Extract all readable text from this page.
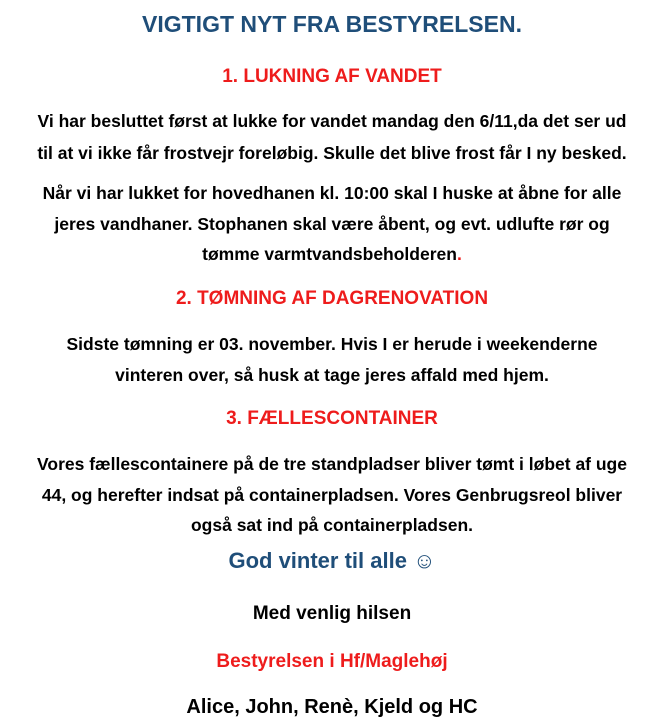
VIGTIGT NYT FRA BESTYRELSEN.
1. LUKNING AF VANDET
Vi har besluttet først at lukke for vandet mandag den 6/11,da det ser ud
til at vi ikke får frostvejr foreløbig. Skulle det blive frost får I ny besked.
Når vi har lukket for hovedhanen kl. 10:00 skal I huske at åbne for alle
jeres vandhaner. Stophanen skal være åbent, og evt. udlufte rør og
tømme varmtvandsbeholderen.
2. TØMNING AF DAGRENOVATION
Sidste tømning er 03. november. Hvis I er herude i weekenderne
vinteren over, så husk at tage jeres affald med hjem.
3. FÆLLESCONTAINER
Vores fællescontainere på de tre standpladser bliver tømt i løbet af uge
44, og herefter indsat på containerpladsen. Vores Genbrugsreol bliver
også sat ind på containerpladsen.
God vinter til alle ☺
Med venlig hilsen
Bestyrelsen i Hf/Maglehøj
Alice, John, Renè, Kjeld og HC
